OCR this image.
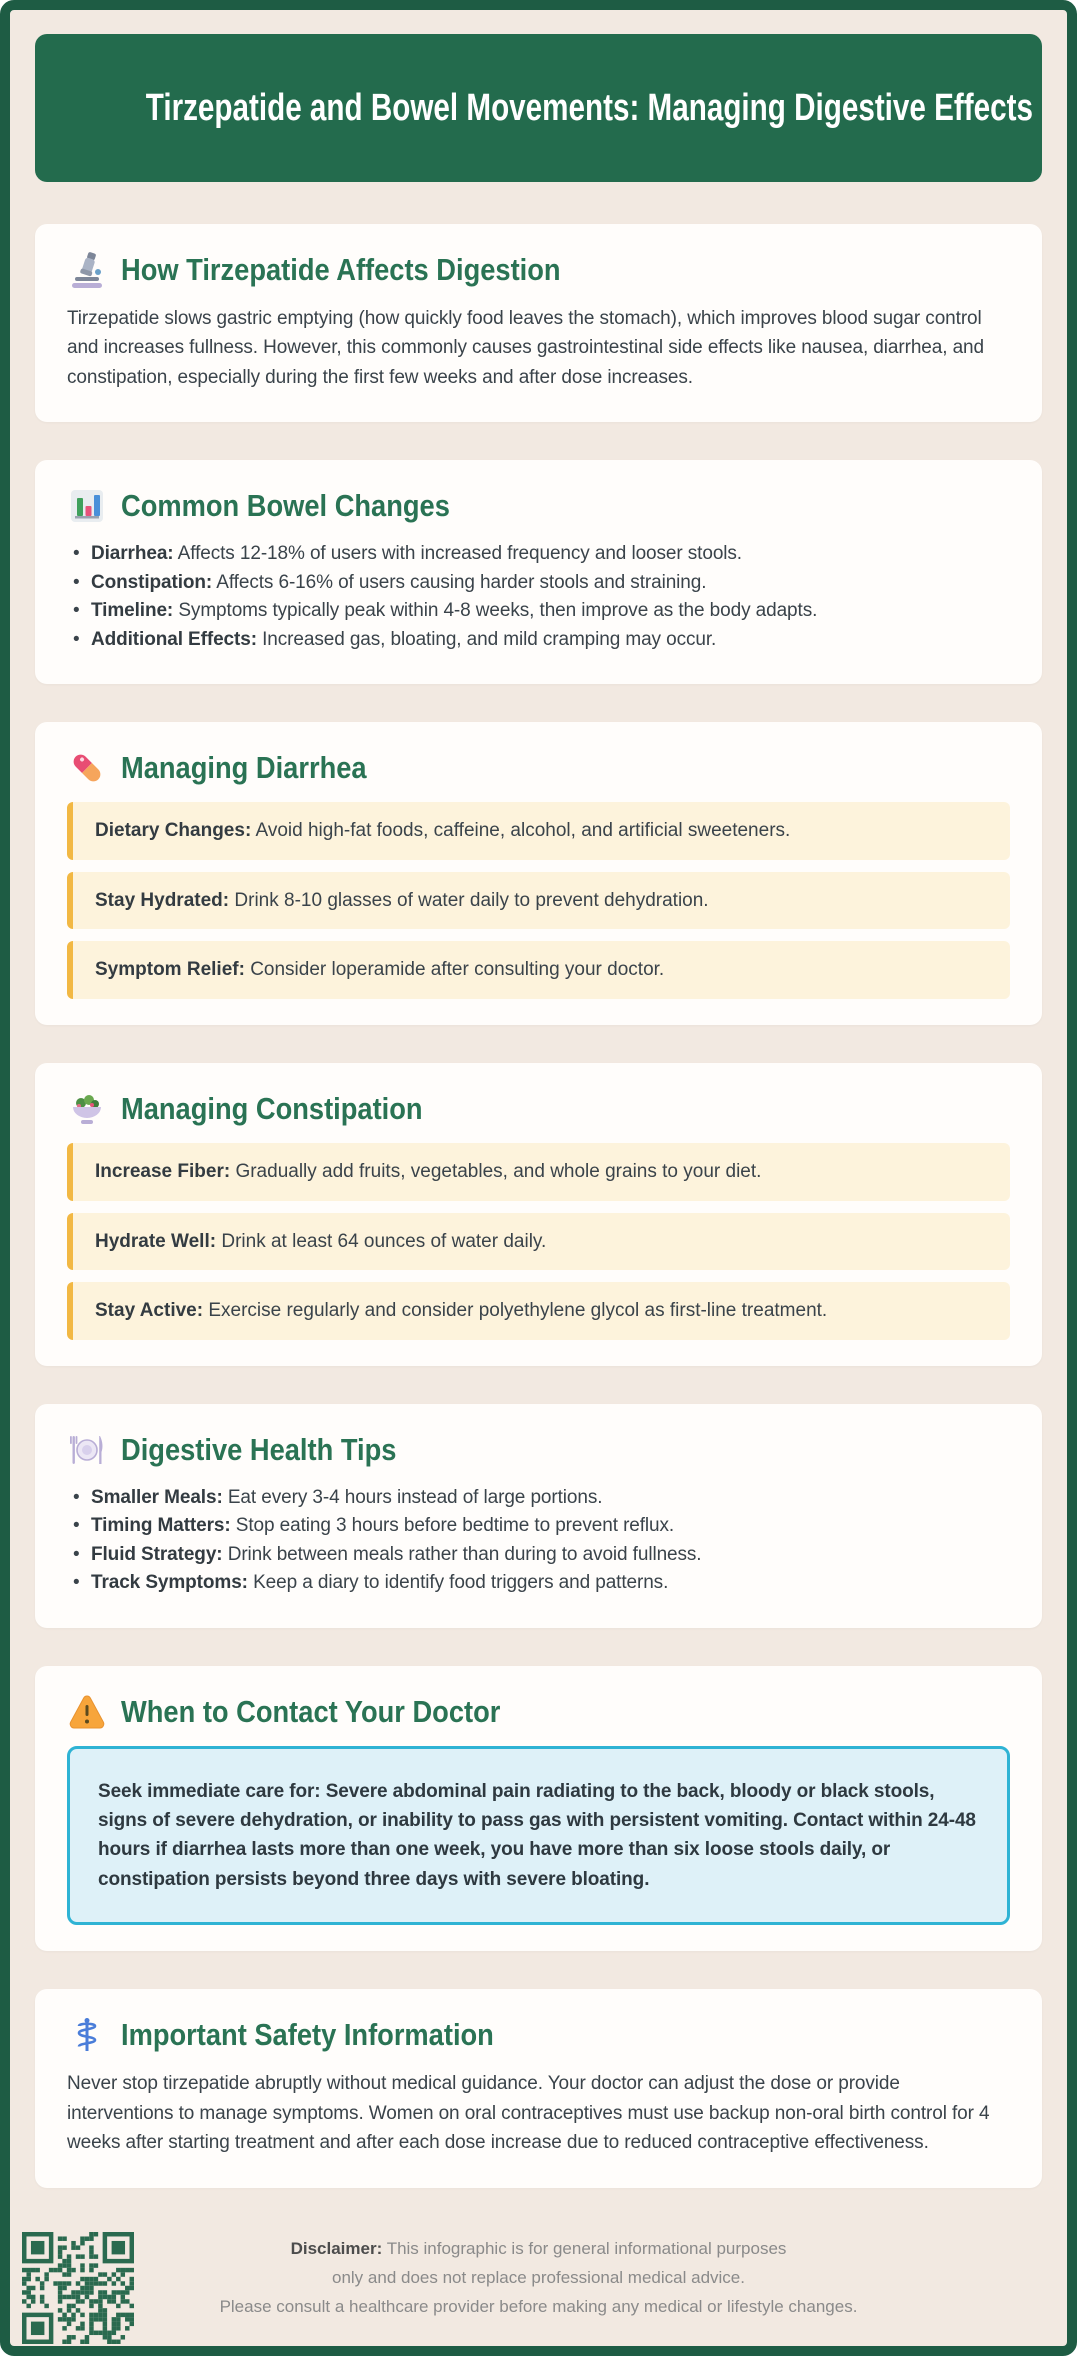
Tirzepatide and Bowel Movements: Managing Digestive Effects
How Tirzepatide Affects Digestion

Tirzepatide slows gastric emptying (how quickly food leaves the stomach), which improves blood sugar control and increases fullness. However, this commonly causes gastrointestinal side effects like nausea, diarrhea, and constipation, especially during the first few weeks and after dose increases.

Common Bowel Changes
• Diarrhea: Affects 12-18% of users with increased frequency and looser stools.
• Constipation: Affects 6-16% of users causing harder stools and straining.
• Timeline: Symptoms typically peak within 4-8 weeks, then improve as the body adapts.
• Additional Effects: Increased gas, bloating, and mild cramping may occur.
Managing Diarrhea

Dietary Changes: Avoid high-fat foods, caffeine, alcohol, and artificial sweeteners.

Stay Hydrated: Drink 8-10 glasses of water daily to prevent dehydration.

Symptom Relief: Consider loperamide after consulting your doctor.

Managing Constipation

Increase Fiber: Gradually add fruits, vegetables, and whole grains to your diet.

Hydrate Well: Drink at least 64 ounces of water daily.

Stay Active: Exercise regularly and consider polyethylene glycol as first-line treatment.

Digestive Health Tips
• Smaller Meals: Eat every 3-4 hours instead of large portions.
• Timing Matters: Stop eating 3 hours before bedtime to prevent reflux.
• Fluid Strategy: Drink between meals rather than during to avoid fullness.
• Track Symptoms: Keep a diary to identify food triggers and patterns.
When to Contact Your Doctor

Seek immediate care for: Severe abdominal pain radiating to the back, bloody or black stools, signs of severe dehydration, or inability to pass gas with persistent vomiting. Contact within 24-48 hours if diarrhea lasts more than one week, you have more than six loose stools daily, or constipation persists beyond three days with severe bloating.

Important Safety Information

Never stop tirzepatide abruptly without medical guidance. Your doctor can adjust the dose or provide interventions to manage symptoms. Women on oral contraceptives must use backup non-oral birth control for 4 weeks after starting treatment and after each dose increase due to reduced contraceptive effectiveness.

Disclaimer: This infographic is for general informational purposes

only and does not replace professional medical advice.

Please consult a healthcare provider before making any medical or lifestyle changes.
